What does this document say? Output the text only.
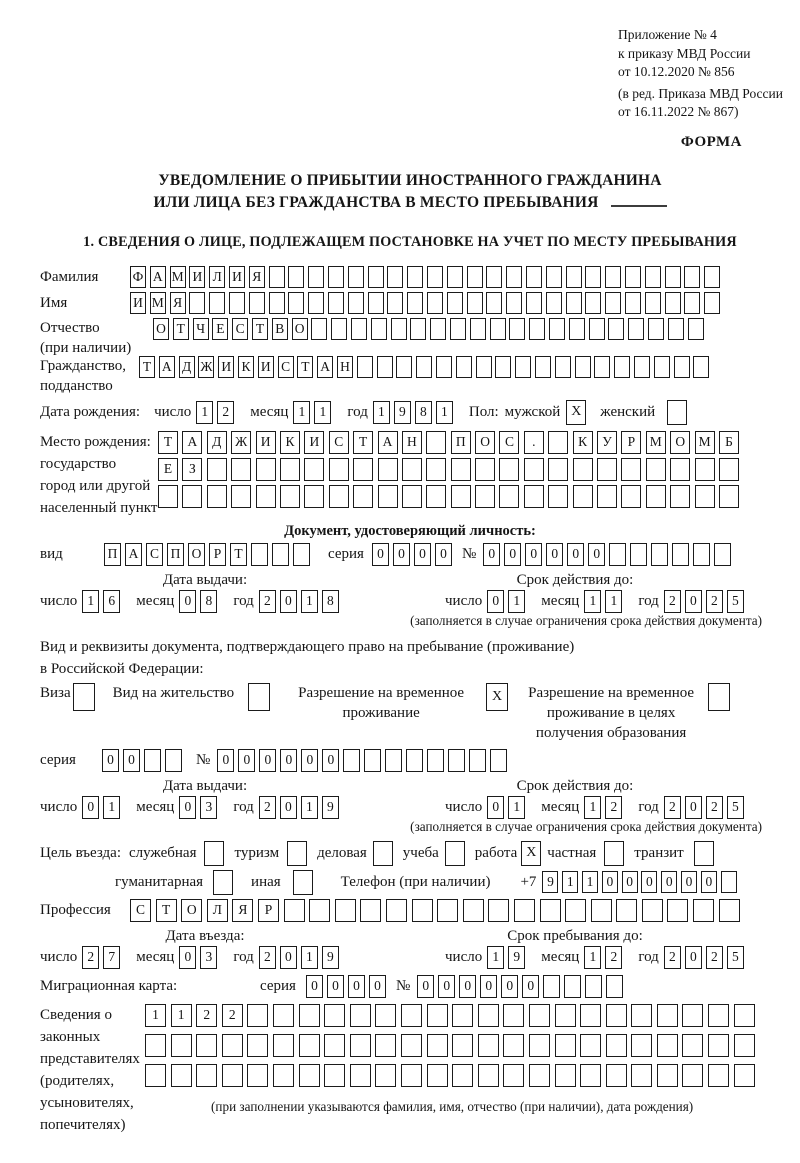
Приложение № 4
к приказу МВД России
от 10.12.2020 № 856
(в ред. Приказа МВД России
от 16.11.2022 № 867)
ФОРМА
УВЕДОМЛЕНИЕ О ПРИБЫТИИ ИНОСТРАННОГО ГРАЖДАНИНА
ИЛИ ЛИЦА БЕЗ ГРАЖДАНСТВА В МЕСТО ПРЕБЫВАНИЯ
1. СВЕДЕНИЯ О ЛИЦЕ, ПОДЛЕЖАЩЕМ ПОСТАНОВКЕ НА УЧЕТ ПО МЕСТУ ПРЕБЫВАНИЯ
Фамилия	Ф А М И Л И Я
Имя	И М Я
Отчество
(при наличии)
О Т Ч Е С Т В О
Гражданство,
подданство
Т А Д Ж И К И С Т А Н
Дата рождения: число 1	2	месяц 1	1	год 1	9	8	1	Пол: мужской X	женский
Место рождения:
государство
город или другой
населенный пункт
Т	А	Д	Ж И	К	И	С	Т	А	Н	П	О	С	.	К	У	Р	М	О	М	Б
Е	З
Документ, удостоверяющий личность:
вид	П А С П О Р Т	серия 0	0	0	0	№ 0	0	0	0	0	0
Дата выдачи:	Срок действия до:
число 1	6	месяц 0	8	год 2	0	1	8	число 0	1	месяц 1	1	год 2	0	2	5
(заполняется в случае ограничения срока действия документа)
Вид и реквизиты документа, подтверждающего право на пребывание (проживание)
в Российской Федерации:
Виза	Вид на жительство	Разрешение на временное
проживание
X	Разрешение на временное
проживание в целях
получения образования
серия	0	0	№ 0	0	0	0	0	0
Дата выдачи:	Срок действия до:
число 0	1	месяц 0	3	год 2	0	1	9	число 0	1	месяц 1	2	год 2	0	2	5
(заполняется в случае ограничения срока действия документа)
Цель въезда: служебная	туризм	деловая учеба работа X частная	транзит
гуманитарная	иная	Телефон (при наличии) +7 9 1 1 0 0 0 0 0 0
Профессия	С	Т	О	Л	Я	Р
Дата въезда:	Срок пребывания до:
число 2	7	месяц 0	3	год 2	0	1	9	число 1	9	месяц 1	2	год 2	0	2	5
Миграционная карта:	серия	0	0	0	0	№ 0	0	0	0	0	0
Сведения о
законных
представителях
(родителях,
усыновителях,
попечителях)
1	1	2	2
(при заполнении указываются фамилия, имя, отчество (при наличии), дата рождения)
